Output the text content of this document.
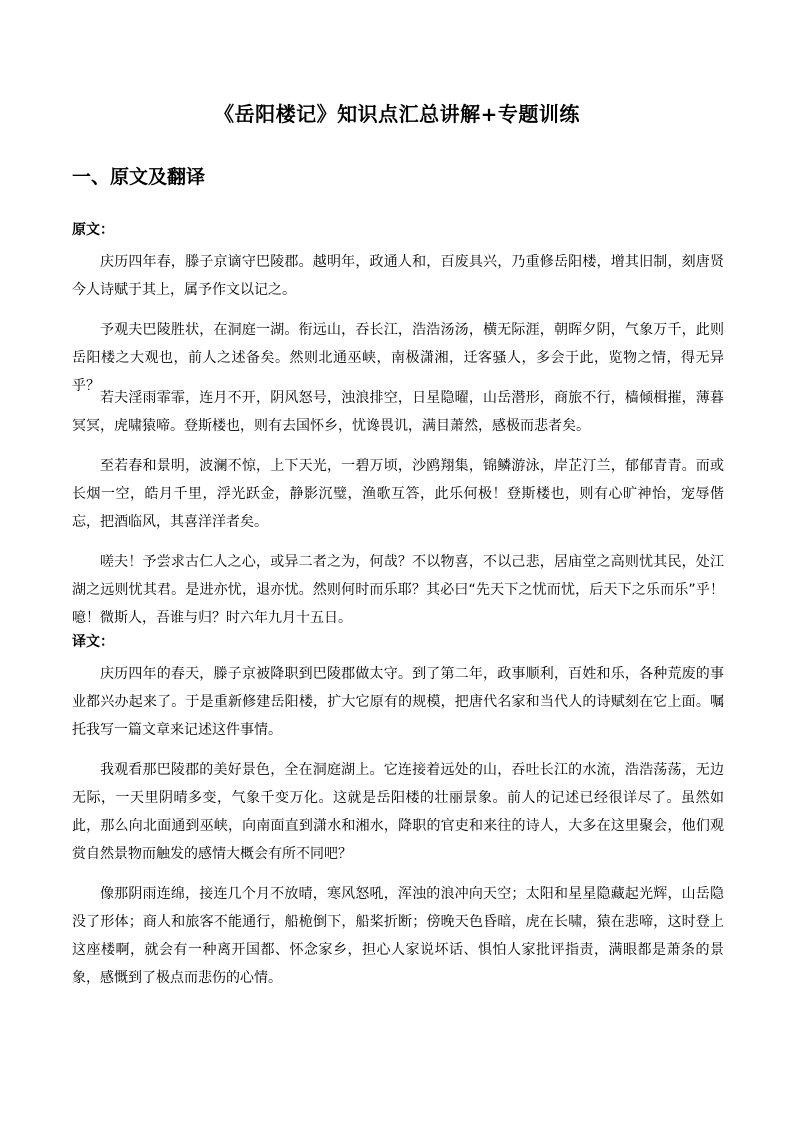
《岳阳楼记》知识点汇总讲解+专题训练
一、原文及翻译
原文：

庆历四年春，滕子京谪守巴陵郡。越明年，政通人和，百废具兴，乃重修岳阳楼，增其旧制，刻唐贤今人诗赋于其上，属予作文以记之。

予观夫巴陵胜状，在洞庭一湖。衔远山，吞长江，浩浩汤汤，横无际涯，朝晖夕阴，气象万千，此则岳阳楼之大观也，前人之述备矣。然则北通巫峡，南极潇湘，迁客骚人，多会于此，览物之情，得无异乎？

若夫淫雨霏霏，连月不开，阴风怒号，浊浪排空，日星隐曜，山岳潜形，商旅不行，樯倾楫摧，薄暮冥冥，虎啸猿啼。登斯楼也，则有去国怀乡，忧谗畏讥，满目萧然，感极而悲者矣。

至若春和景明，波澜不惊，上下天光，一碧万顷，沙鸥翔集，锦鳞游泳，岸芷汀兰，郁郁青青。而或长烟一空，皓月千里，浮光跃金，静影沉璧，渔歌互答，此乐何极！登斯楼也，则有心旷神怡，宠辱偕忘，把酒临风，其喜洋洋者矣。

嗟夫！予尝求古仁人之心，或异二者之为，何哉？不以物喜，不以己悲，居庙堂之高则忧其民，处江湖之远则忧其君。是进亦忧，退亦忧。然则何时而乐耶？其必曰“先天下之忧而忧，后天下之乐而乐”乎！噫！微斯人，吾谁与归？时六年九月十五日。

译文：

庆历四年的春天，滕子京被降职到巴陵郡做太守。到了第二年，政事顺利，百姓和乐，各种荒废的事业都兴办起来了。于是重新修建岳阳楼，扩大它原有的规模，把唐代名家和当代人的诗赋刻在它上面。嘱托我写一篇文章来记述这件事情。

我观看那巴陵郡的美好景色，全在洞庭湖上。它连接着远处的山，吞吐长江的水流，浩浩荡荡，无边无际，一天里阴晴多变，气象千变万化。这就是岳阳楼的壮丽景象。前人的记述已经很详尽了。虽然如此，那么向北面通到巫峡，向南面直到潇水和湘水，降职的官吏和来往的诗人，大多在这里聚会，他们观赏自然景物而触发的感情大概会有所不同吧？

像那阴雨连绵，接连几个月不放晴，寒风怒吼，浑浊的浪冲向天空；太阳和星星隐藏起光辉，山岳隐没了形体；商人和旅客不能通行，船桅倒下，船桨折断；傍晚天色昏暗，虎在长啸，猿在悲啼，这时登上这座楼啊，就会有一种离开国都、怀念家乡，担心人家说坏话、惧怕人家批评指责，满眼都是萧条的景象，感慨到了极点而悲伤的心情。
